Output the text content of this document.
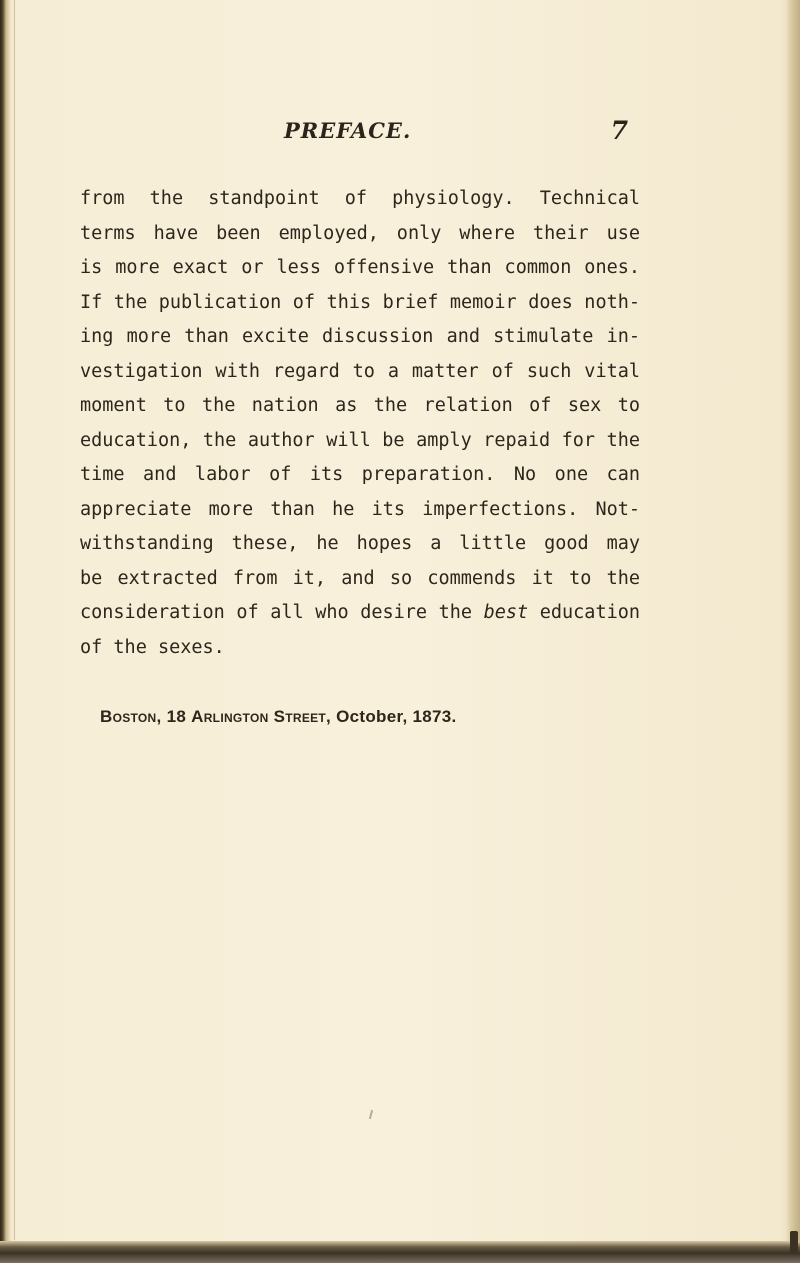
PREFACE.	7
from the standpoint of physiology. Technical
terms have been employed, only where their use
is more exact or less offensive than common ones.
If the publication of this brief memoir does noth-
ing more than excite discussion and stimulate in-
vestigation with regard to a matter of such vital
moment to the nation as the relation of sex to
education, the author will be amply repaid for the
time and labor of its preparation. No one can
appreciate more than he its imperfections. Not-
withstanding these, he hopes a little good may
be extracted from it, and so commends it to the
consideration of all who desire the best education
of the sexes.
Boston, 18 Arlington Street, October, 1873.
